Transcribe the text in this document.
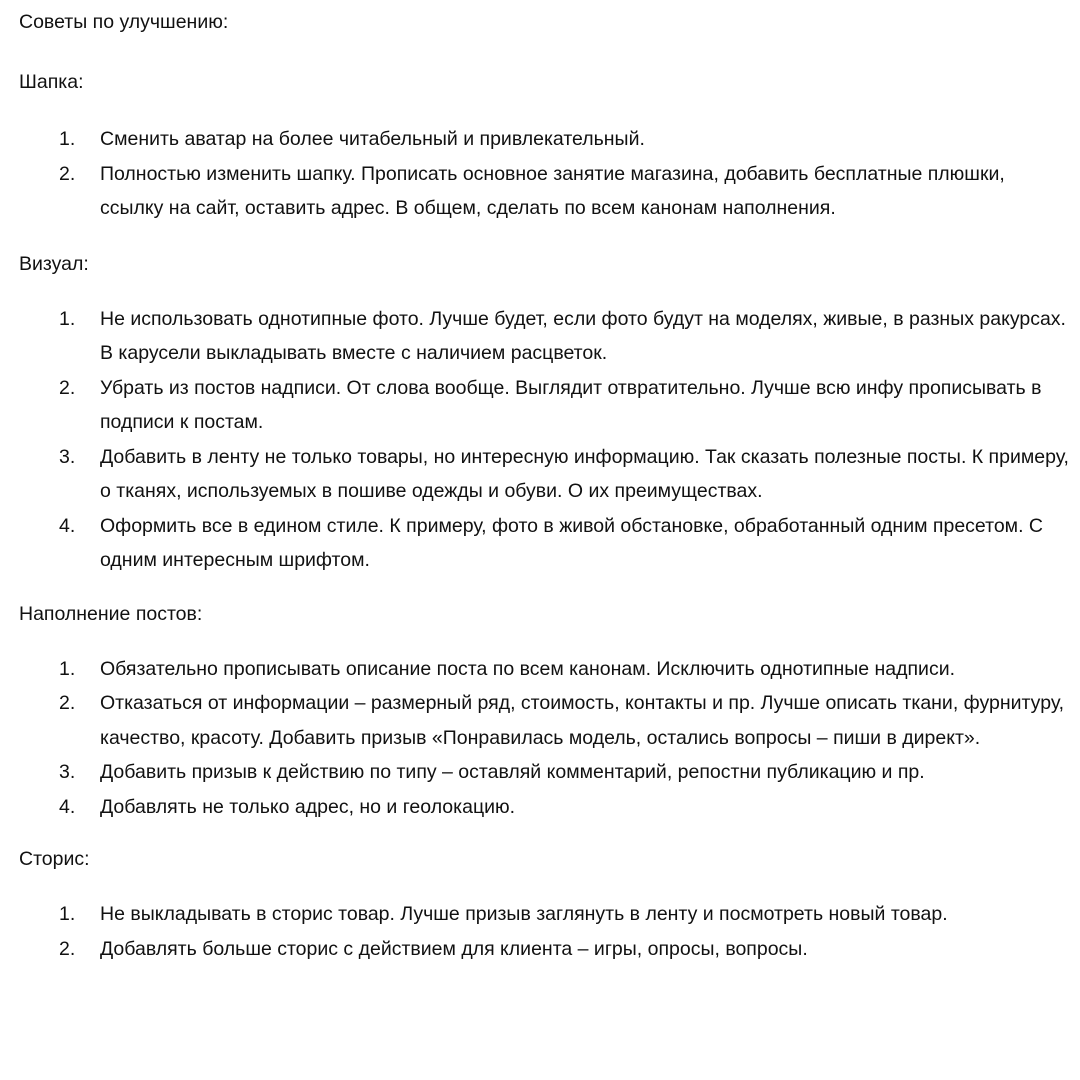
Советы по улучшению:

Шапка:

1.	Сменить аватар на более читабельный и привлекательный.
2.	Полностью изменить шапку. Прописать основное занятие магазина, добавить бесплатные плюшки, ссылку на сайт, оставить адрес. В общем, сделать по всем канонам наполнения.

Визуал:

1.	Не использовать однотипные фото. Лучше будет, если фото будут на моделях, живые, в разных ракурсах. В карусели выкладывать вместе с наличием расцветок.
2.	Убрать из постов надписи. От слова вообще. Выглядит отвратительно. Лучше всю инфу прописывать в подписи к постам.
3.	Добавить в ленту не только товары, но интересную информацию. Так сказать полезные посты. К примеру, о тканях, используемых в пошиве одежды и обуви. О их преимуществах.
4.	Оформить все в едином стиле. К примеру, фото в живой обстановке, обработанный одним пресетом. С одним интересным шрифтом.

Наполнение постов:

1.	Обязательно прописывать описание поста по всем канонам. Исключить однотипные надписи.
2.	Отказаться от информации – размерный ряд, стоимость, контакты и пр. Лучше описать ткани, фурнитуру, качество, красоту. Добавить призыв «Понравилась модель, остались вопросы – пиши в директ».
3.	Добавить призыв к действию по типу – оставляй комментарий, репостни публикацию и пр.
4.	Добавлять не только адрес, но и геолокацию.

Сторис:

1.	Не выкладывать в сторис товар. Лучше призыв заглянуть в ленту и посмотреть новый товар.
2.	Добавлять больше сторис с действием для клиента – игры, опросы, вопросы.
